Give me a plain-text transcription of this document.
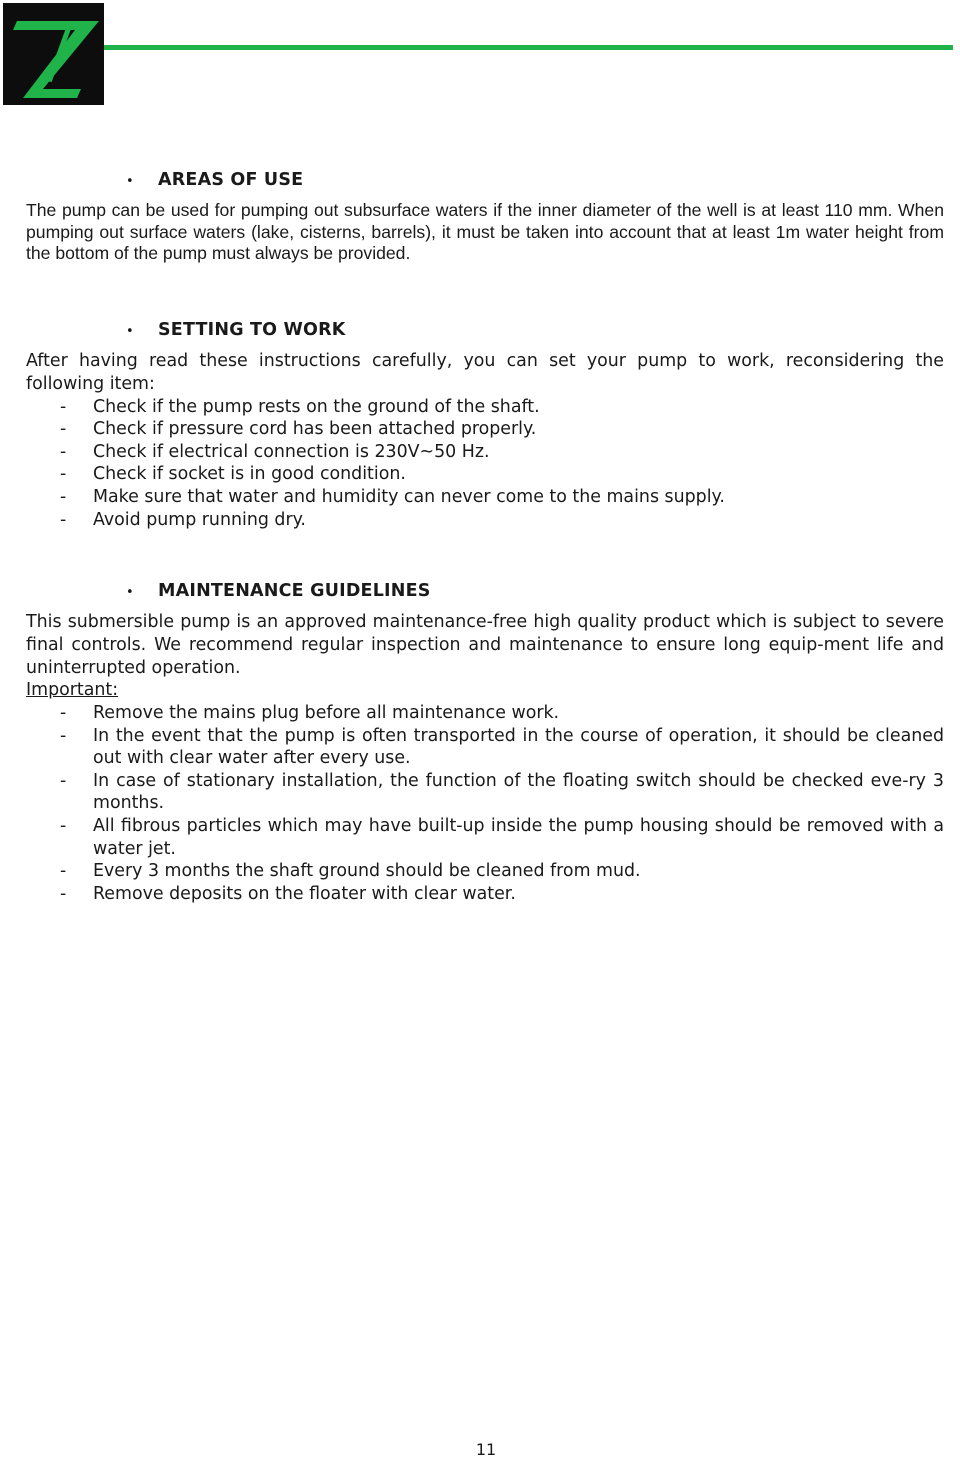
• AREAS OF USE

The pump can be used for pumping out subsurface waters if the inner diameter of the well is at least 110 mm. When pumping out surface waters (lake, cisterns, barrels), it must be taken into account that at least 1m water height from the bottom of the pump must always be provided.

• SETTING TO WORK

After having read these instructions carefully, you can set your pump to work, reconsidering the following item:

- Check if the pump rests on the ground of the shaft.
- Check if pressure cord has been attached properly.
- Check if electrical connection is 230V~50 Hz.
- Check if socket is in good condition.
- Make sure that water and humidity can never come to the mains supply.
- Avoid pump running dry.
• MAINTENANCE GUIDELINES

This submersible pump is an approved maintenance-free high quality product which is subject to severe final controls. We recommend regular inspection and maintenance to ensure long equip-ment life and uninterrupted operation.

Important:
- Remove the mains plug before all maintenance work.
- In the event that the pump is often transported in the course of operation, it should be cleaned out with clear water after every use.
- In case of stationary installation, the function of the floating switch should be checked eve-ry 3 months.
- All fibrous particles which may have built-up inside the pump housing should be removed with a water jet.
- Every 3 months the shaft ground should be cleaned from mud.
- Remove deposits on the floater with clear water.
11
